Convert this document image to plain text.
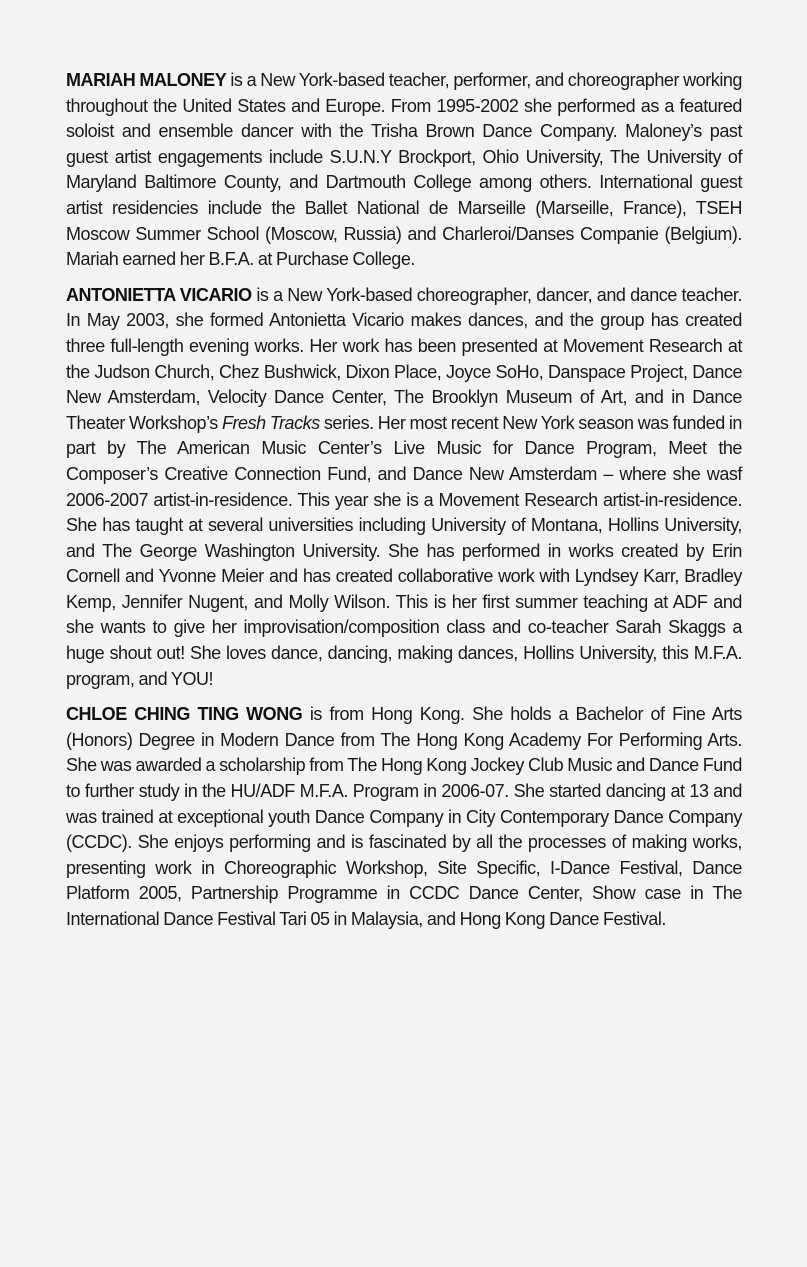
MARIAH MALONEY is a New York-based teacher, performer, and choreographer working throughout the United States and Europe. From 1995-2002 she performed as a featured soloist and ensemble dancer with the Trisha Brown Dance Company. Maloney’s past guest artist engagements include S.U.N.Y Brockport, Ohio University, The University of Maryland Baltimore County, and Dartmouth College among others. International guest artist residencies include the Ballet National de Marseille (Marseille, France), TSEH Moscow Summer School (Moscow, Russia) and Charleroi/Danses Companie (Belgium). Mariah earned her B.F.A. at Purchase College.

ANTONIETTA VICARIO is a New York-based choreographer, dancer, and dance teacher. In May 2003, she formed Antonietta Vicario makes dances, and the group has created three full-length evening works. Her work has been presented at Movement Research at the Judson Church, Chez Bushwick, Dixon Place, Joyce SoHo, Danspace Project, Dance New Amsterdam, Velocity Dance Center, The Brooklyn Museum of Art, and in Dance Theater Workshop’s Fresh Tracks series. Her most recent New York season was funded in part by The American Music Center’s Live Music for Dance Program, Meet the Composer’s Creative Connection Fund, and Dance New Amsterdam – where she wasf 2006-2007 artist-in-residence. This year she is a Movement Research artist-in-residence. She has taught at several universities including University of Montana, Hollins University, and The George Washington University. She has performed in works created by Erin Cornell and Yvonne Meier and has created collaborative work with Lyndsey Karr, Bradley Kemp, Jennifer Nugent, and Molly Wilson. This is her first summer teaching at ADF and she wants to give her improvisation/composition class and co-teacher Sarah Skaggs a huge shout out! She loves dance, dancing, making dances, Hollins University, this M.F.A. program, and YOU!

CHLOE CHING TING WONG is from Hong Kong. She holds a Bachelor of Fine Arts (Honors) Degree in Modern Dance from The Hong Kong Academy For Performing Arts. She was awarded a scholarship from The Hong Kong Jockey Club Music and Dance Fund to further study in the HU/ADF M.F.A. Program in 2006-07. She started dancing at 13 and was trained at exceptional youth Dance Company in City Contemporary Dance Company (CCDC). She enjoys performing and is fascinated by all the processes of making works, presenting work in Choreographic Workshop, Site Specific, I-Dance Festival, Dance Platform 2005, Partnership Programme in CCDC Dance Center, Show case in The International Dance Festival Tari 05 in Malaysia, and Hong Kong Dance Festival.
